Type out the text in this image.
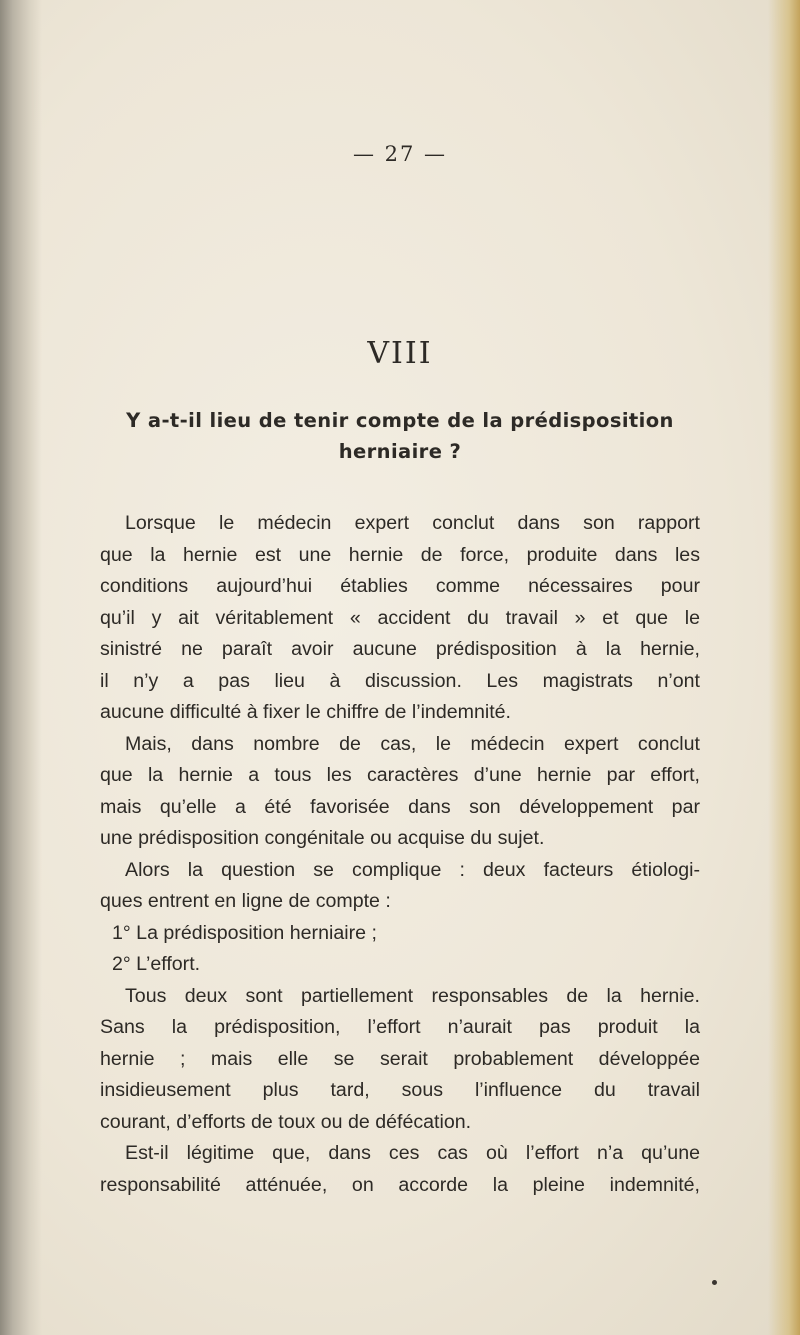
— 27 —
VIII
Y a-t-il lieu de tenir compte de la prédisposition
herniaire ?
Lorsque le médecin expert conclut dans son rapport
que la hernie est une hernie de force, produite dans les
conditions aujourd’hui établies comme nécessaires pour
qu’il y ait véritablement « accident du travail » et que le
sinistré ne paraît avoir aucune prédisposition à la hernie,
il n’y a pas lieu à discussion. Les magistrats n’ont
aucune difficulté à fixer le chiffre de l’indemnité.
Mais, dans nombre de cas, le médecin expert conclut
que la hernie a tous les caractères d’une hernie par effort,
mais qu’elle a été favorisée dans son développement par
une prédisposition congénitale ou acquise du sujet.
Alors la question se complique : deux facteurs étiologi-
ques entrent en ligne de compte :
1° La prédisposition herniaire ;
2° L’effort.
Tous deux sont partiellement responsables de la hernie.
Sans la prédisposition, l’effort n’aurait pas produit la
hernie ; mais elle se serait probablement développée
insidieusement plus tard, sous l’influence du travail
courant, d’efforts de toux ou de défécation.
Est-il légitime que, dans ces cas où l’effort n’a qu’une
responsabilité atténuée, on accorde la pleine indemnité,
